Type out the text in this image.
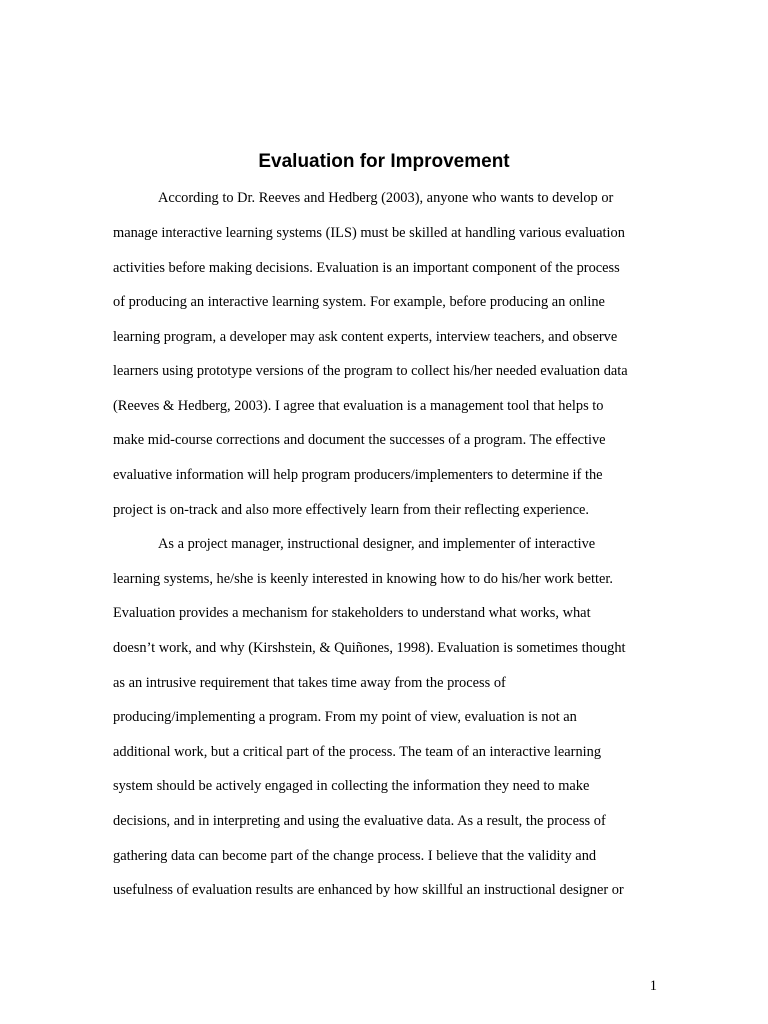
Evaluation for Improvement

According to Dr. Reeves and Hedberg (2003), anyone who wants to develop or

manage interactive learning systems (ILS) must be skilled at handling various evaluation

activities before making decisions. Evaluation is an important component of the process

of producing an interactive learning system. For example, before producing an online

learning program, a developer may ask content experts, interview teachers, and observe

learners using prototype versions of the program to collect his/her needed evaluation data

(Reeves & Hedberg, 2003). I agree that evaluation is a management tool that helps to

make mid-course corrections and document the successes of a program. The effective

evaluative information will help program producers/implementers to determine if the

project is on-track and also more effectively learn from their reflecting experience.

As a project manager, instructional designer, and implementer of interactive

learning systems, he/she is keenly interested in knowing how to do his/her work better.

Evaluation provides a mechanism for stakeholders to understand what works, what

doesn’t work, and why (Kirshstein, & Quiñones, 1998). Evaluation is sometimes thought

as an intrusive requirement that takes time away from the process of

producing/implementing a program. From my point of view, evaluation is not an

additional work, but a critical part of the process. The team of an interactive learning

system should be actively engaged in collecting the information they need to make

decisions, and in interpreting and using the evaluative data. As a result, the process of

gathering data can become part of the change process. I believe that the validity and

usefulness of evaluation results are enhanced by how skillful an instructional designer or

1
